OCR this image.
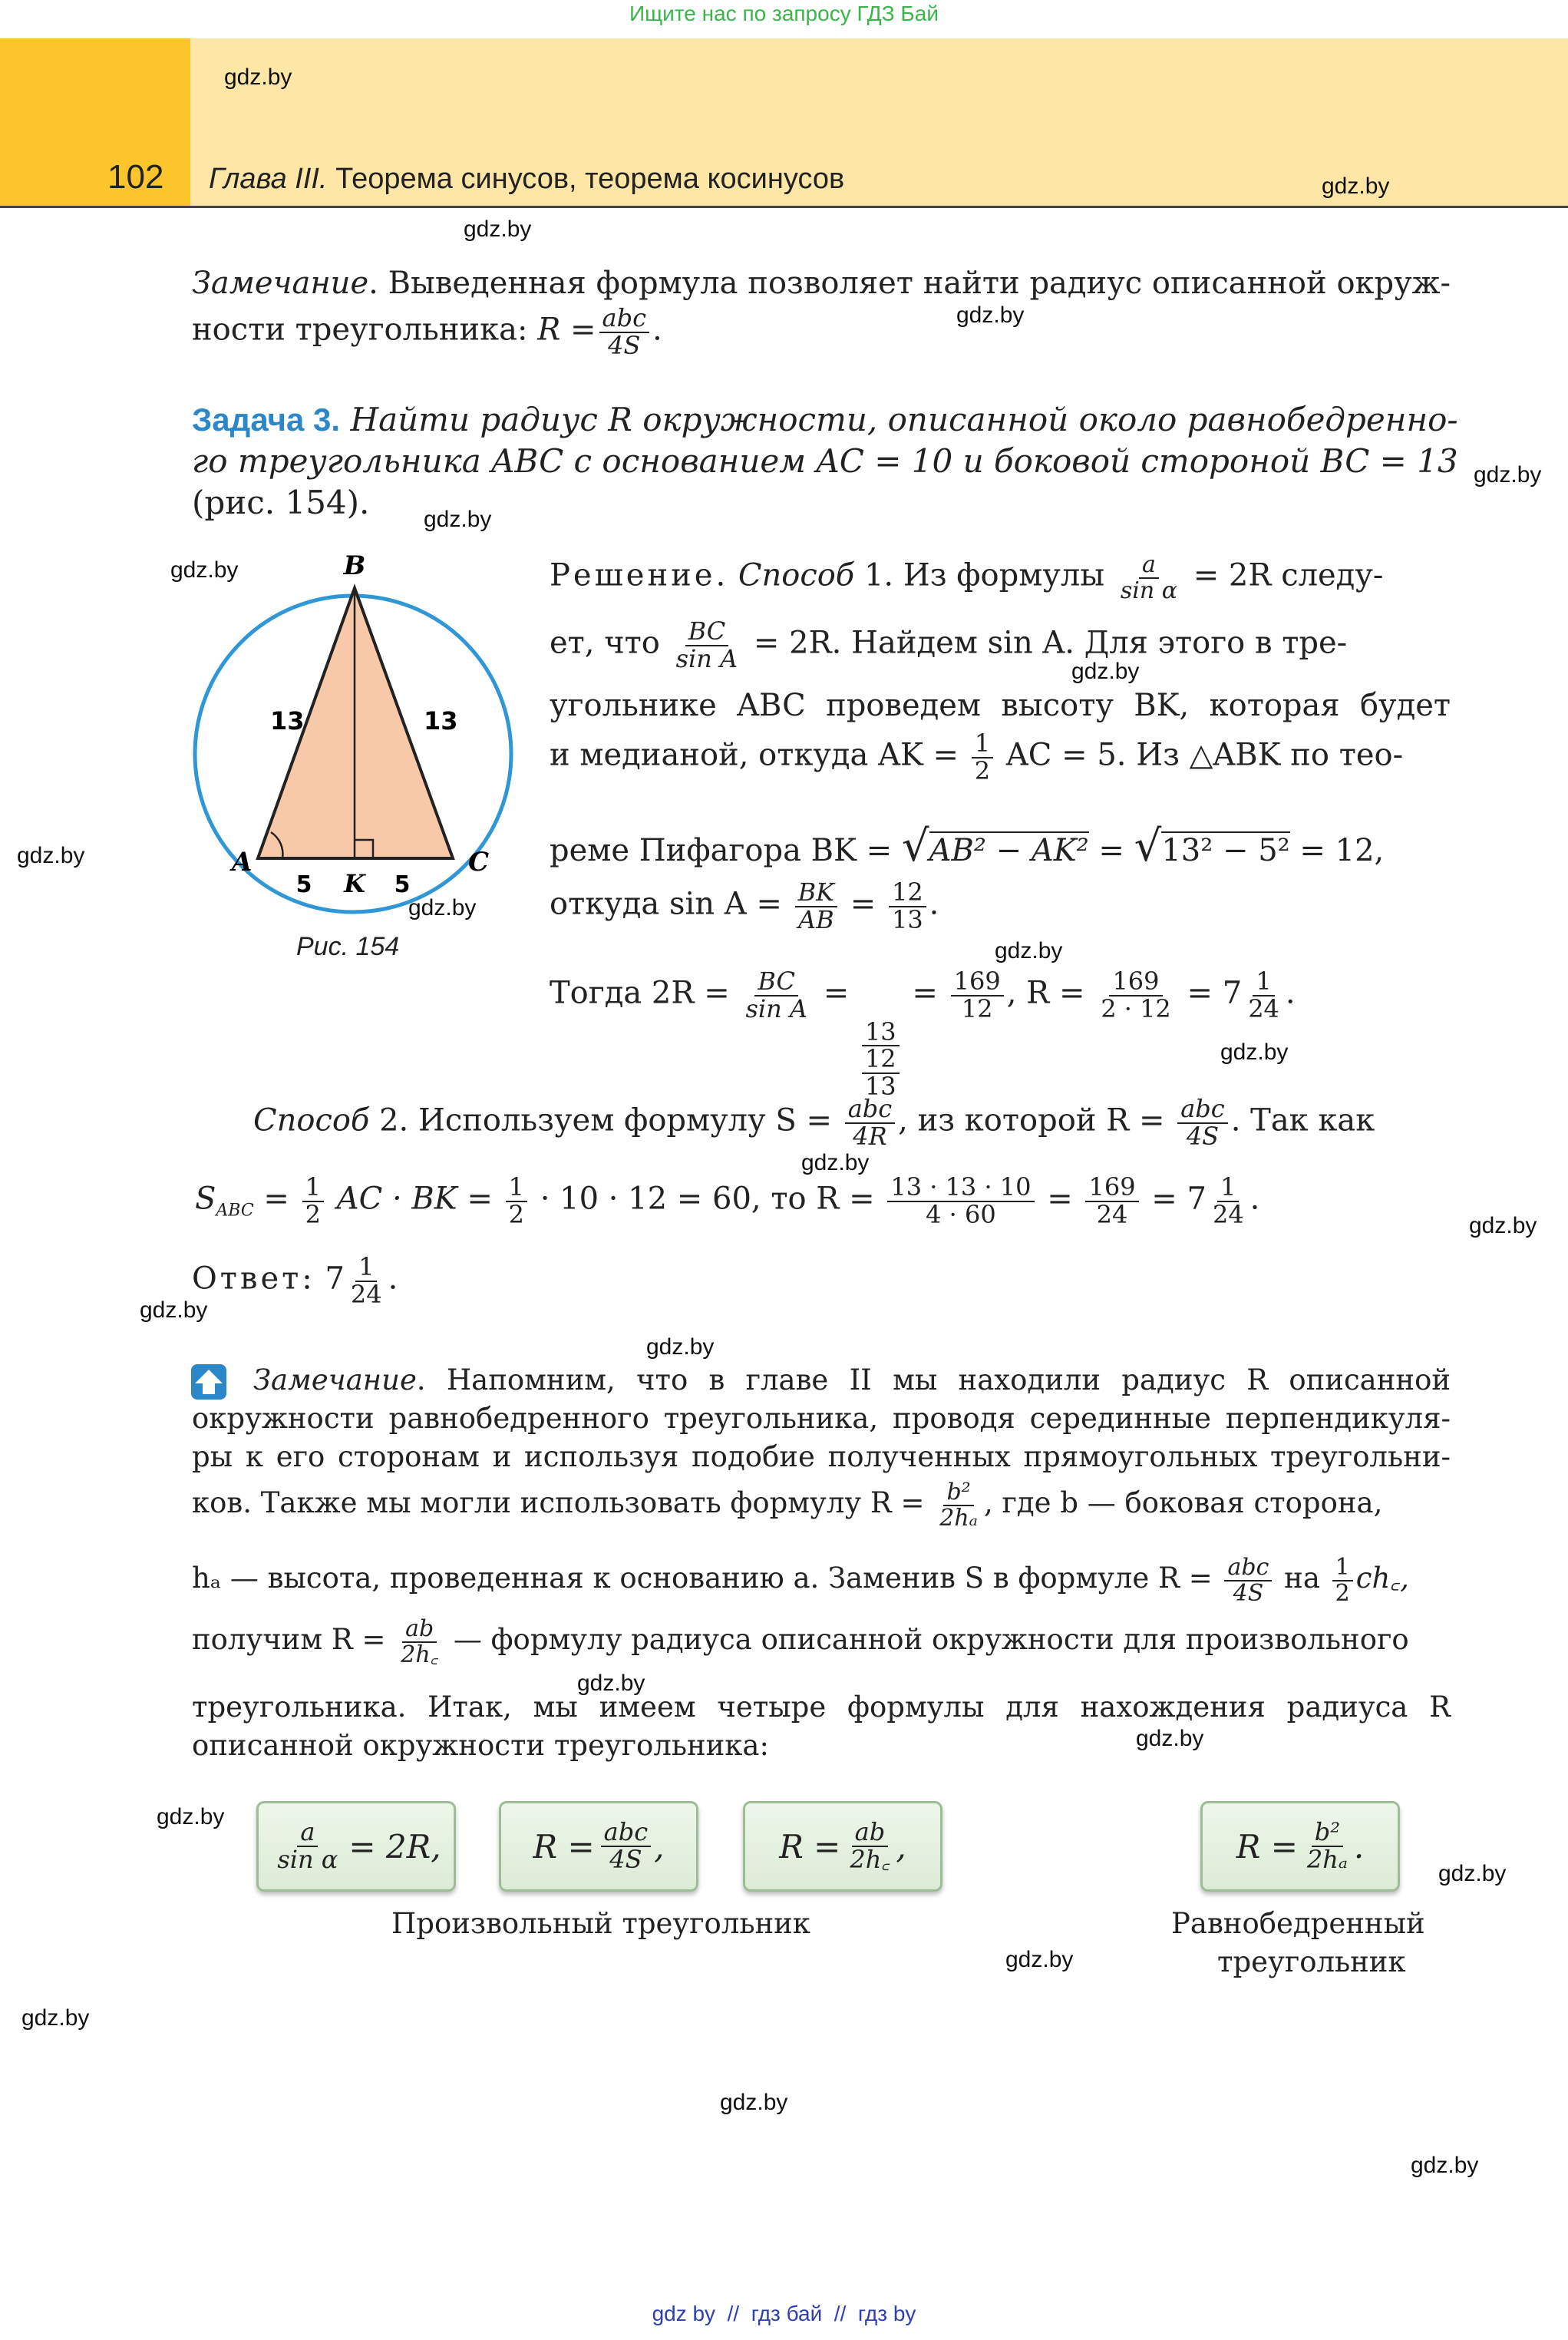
Ищите нас по запросу ГДЗ Бай
102 Глава III. Теорема синусов, теорема косинусов
gdz.by
gdz.by
gdz.by
gdz.by
gdz.by
gdz.by
gdz.by
gdz.by
gdz.by
gdz.by
gdz.by
gdz.by
gdz.by
gdz.by
gdz.by
gdz.by
gdz.by
gdz.by
gdz.by
gdz.by
gdz.by
gdz.by
gdz.by
gdz.by
Замечание. Выведенная формула позволяет найти радиус описанной окруж-
ности треугольника: $R = \frac{\text{abc}}{4S}$ .
Задача 3. Найти радиус R окружности, описанной около равнобедренно-
го треугольника ABC с основанием AC = 10 и боковой стороной BC = 13
(рис. 154).
B
A	C
K
13	13
5	5
Рис. 154
Решение. Способ 1. Из формулы $\frac{a}{\text{sin α}} = 2R$ следу-
ет, что $\frac{BC}{\text{sin A}} = 2R$. Найдем sin A. Для этого в тре-
угольнике ABC проведем высоту BK, которая будет
и медианой, откуда AK = $\frac{1}{2}$ AC = 5. Из △ABK по тео-
реме Пифагора BK = √AB² − AK² = √13² − 5² = 12,
откуда $\sin A = \frac{BK}{AB} = \frac{12}{13}$ .
Тогда $2R = \frac{BC}{\text{sin A}}$ =
13
12
13
= $\frac{169}{12}$ , $R = \frac{169}{2 \cdot 12} = 7 \frac{1}{24}$ .
Способ 2. Используем формулу $S = \frac{\text{abc}}{4R}$ , из которой $R = \frac{\text{abc}}{4S}$ . Так как
$S_{ABC} = \frac{1}{2}$ AC · BK = $\frac{1}{2} \cdot 10 \cdot 12 = 60$, то $R = \frac{13 \cdot 13 \cdot 10}{4 \cdot 60} = \frac{169}{24} = 7 \frac{1}{24}$ .
Ответ: $7 \frac{1}{24}$ .
Замечание. Напомним, что в главе II мы находили радиус R описанной
окружности равнобедренного треугольника, проводя серединные перпендикуля-
ры к его сторонам и используя подобие полученных прямоугольных треугольни-
ков. Также мы могли использовать формулу $R = \frac{\text{b²}}{\text{2hₐ}}$ , где b — боковая сторона,
hₐ — высота, проведенная к основанию a. Заменив S в формуле $R = \frac{\text{abc}}{4S}$ на $\frac{1}{2}$ ch꜀,
получим $R = \frac{ab}{2h꜀}$ — формулу радиуса описанной окружности для произвольного
треугольника. Итак, мы имеем четыре формулы для нахождения радиуса R
описанной окружности треугольника:
$\frac{a}{\text{sin α}} = 2R$,	$R = \frac{\text{abc}}{4S}$ ,	$R = \frac{ab}{2h꜀}$ ,	$R = \frac{\text{b²}}{\text{2hₐ}}$ .
Произвольный треугольник	Равнобедренный
треугольник
gdz by  //  гдз бай  //  гдз by
